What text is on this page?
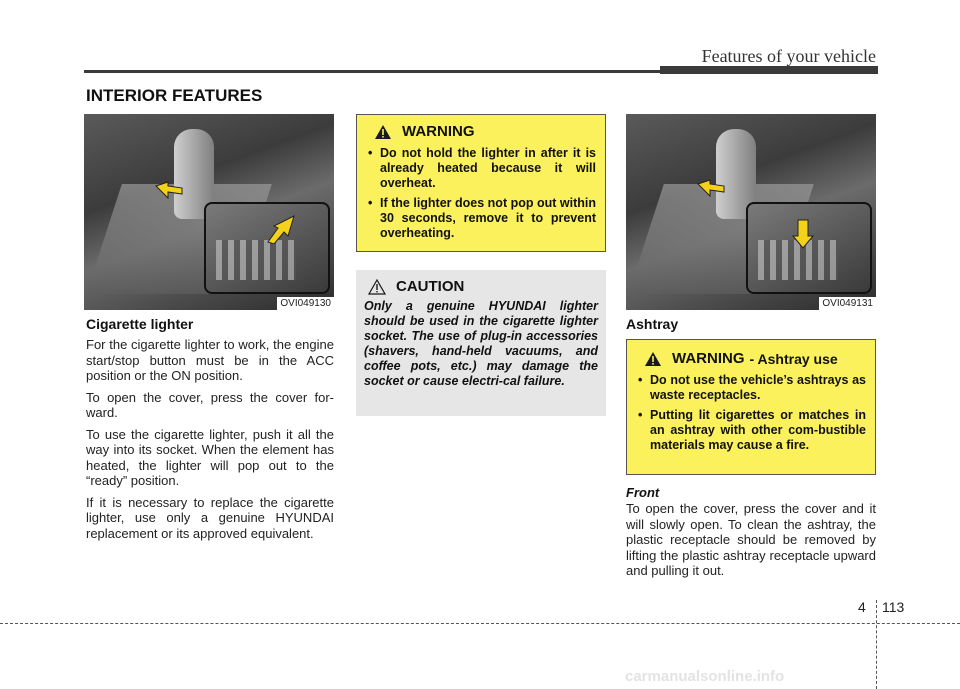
Features of your vehicle
INTERIOR FEATURES
OVI049130
Cigarette lighter

For the cigarette lighter to work, the engine start/stop button must be in the ACC position or the ON position.

To open the cover, press the cover for-ward.

To use the cigarette lighter, push it all the way into its socket. When the element has heated, the lighter will pop out to the “ready” position.

If it is necessary to replace the cigarette lighter, use only a genuine HYUNDAI replacement or its approved equivalent.

WARNING
• Do not hold the lighter in after it is already heated because it will overheat.
• If the lighter does not pop out within 30 seconds, remove it to prevent overheating.
CAUTION
Only a genuine HYUNDAI lighter should be used in the cigarette lighter socket. The use of plug-in accessories (shavers, hand-held vacuums, and coffee pots, etc.) may damage the socket or cause electri-cal failure.
OVI049131
Ashtray
WARNING - Ashtray use
• Do not use the vehicle’s ashtrays as waste receptacles.
• Putting lit cigarettes or matches in an ashtray with other com-bustible materials may cause a fire.
Front
To open the cover, press the cover and it will slowly open. To clean the ashtray, the plastic receptacle should be removed by lifting the plastic ashtray receptacle upward and pulling it out.
4 113
carmanualsonline.info
